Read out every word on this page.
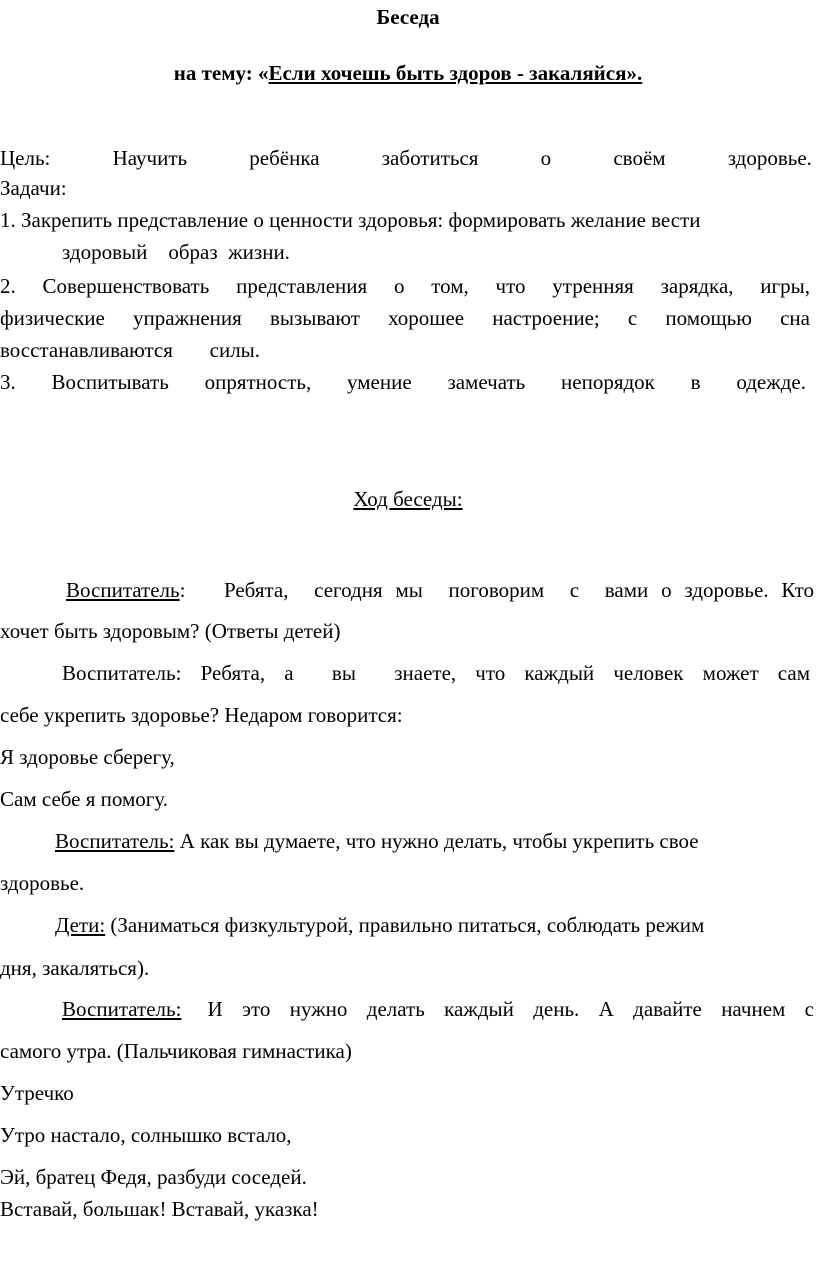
Беседа
на тему: «Если хочешь быть здоров - закаляйся».
Цель:	Научить	ребёнка	заботиться	о	своём	здоровье.
Задачи:
1. Закрепить представление о ценности здоровья: формировать желание вести
здоровый    образ  жизни.
2. Совершенствовать представления о том, что утренняя зарядка, игры,
физические упражнения вызывают хорошее настроение; с помощью сна
восстанавливаются       силы.
3. Воспитывать опрятность, умение замечать непорядок в одежде.
Ход беседы:
Воспитатель: Ребята,  сегодня мы  поговорим  с  вами о здоровье. Кто
хочет быть здоровым? (Ответы детей)
Воспитатель: Ребята, а  вы  знаете, что каждый человек может сам
себе укрепить здоровье? Недаром говорится:
Я здоровье сберегу,
Сам себе я помогу.
Воспитатель: А как вы думаете, что нужно делать, чтобы укрепить свое
здоровье.
Дети: (Заниматься физкультурой, правильно питаться, соблюдать режим
дня, закаляться).
Воспитатель: И это нужно делать каждый день. А давайте начнем с
самого утра. (Пальчиковая гимнастика)
Утречко
Утро настало, солнышко встало,
Эй, братец Федя, разбуди соседей.
Вставай, большак! Вставай, указка!
